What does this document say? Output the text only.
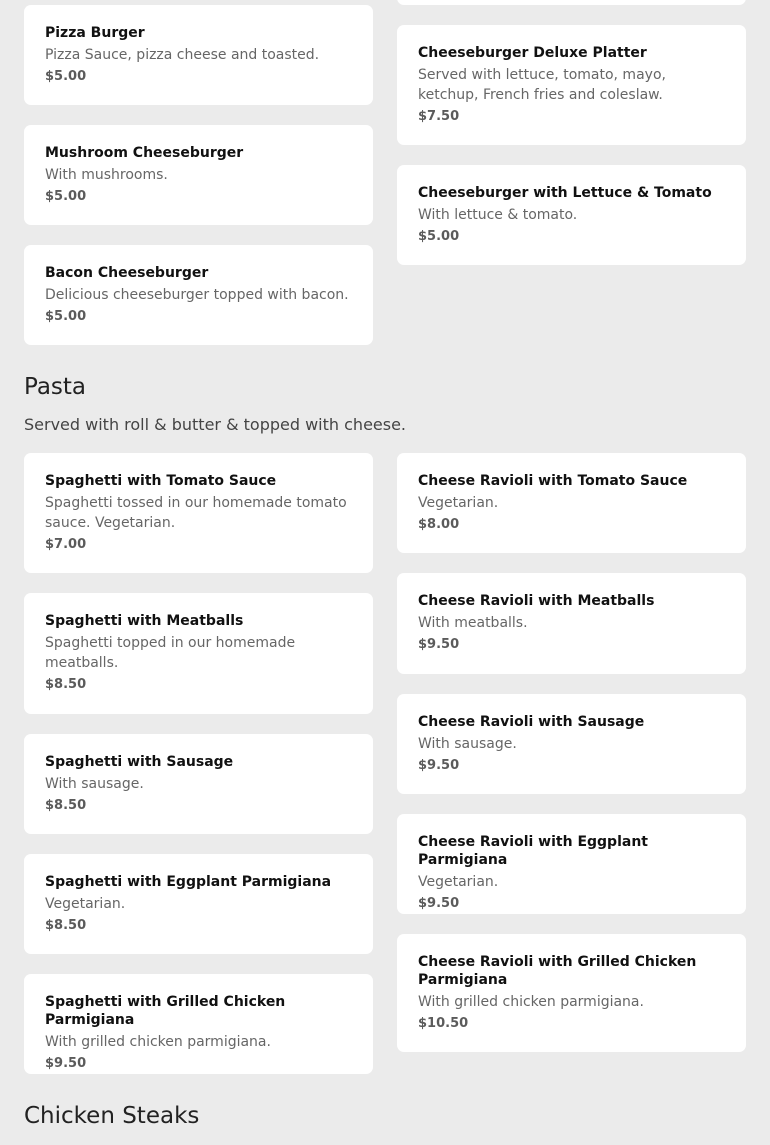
Pizza Burger
Pizza Sauce, pizza cheese and toasted.
$5.00
Cheeseburger Deluxe Platter
Served with lettuce, tomato, mayo, ketchup, French fries and coleslaw.
$7.50
Mushroom Cheeseburger
With mushrooms.
$5.00	Cheeseburger with Lettuce & Tomato
With lettuce & tomato.
$5.00
Bacon Cheeseburger
Delicious cheeseburger topped with bacon.
$5.00
Pasta

Served with roll & butter & topped with cheese.

Spaghetti with Tomato Sauce
Spaghetti tossed in our homemade tomato sauce. Vegetarian.
$7.00
Cheese Ravioli with Tomato Sauce
Vegetarian.
$8.00
Spaghetti with Meatballs
Spaghetti topped in our homemade meatballs.
$8.50
Cheese Ravioli with Meatballs
With meatballs.
$9.50
Spaghetti with Sausage
With sausage.
$8.50
Cheese Ravioli with Sausage
With sausage.
$9.50
Spaghetti with Eggplant Parmigiana
Vegetarian.
$8.50
Cheese Ravioli with Eggplant Parmigiana
Vegetarian.
$9.50
Spaghetti with Grilled Chicken Parmigiana
With grilled chicken parmigiana.
$9.50
Cheese Ravioli with Grilled Chicken Parmigiana
With grilled chicken parmigiana.
$10.50
Chicken Steaks
